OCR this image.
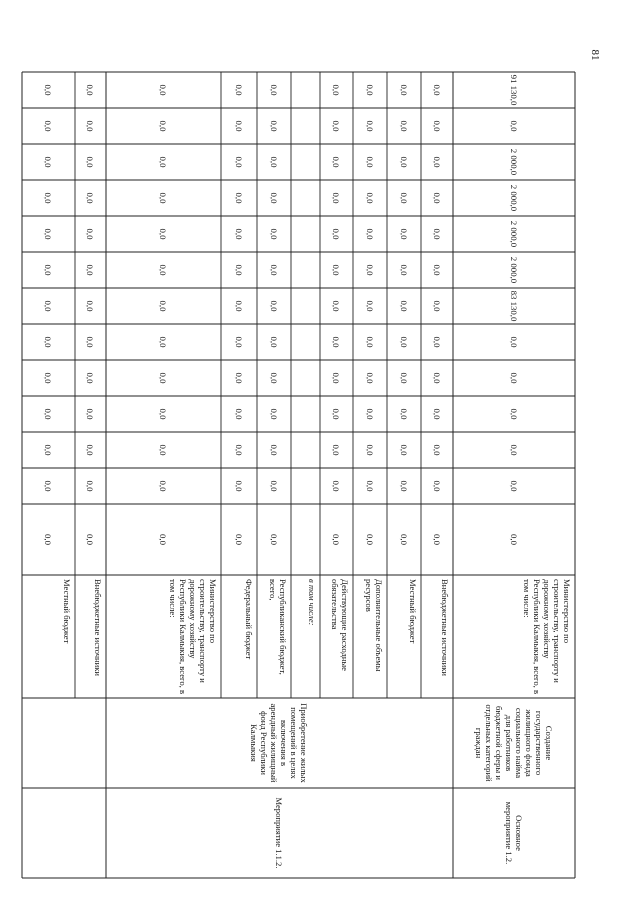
81
0,0
0,0
0,0
0,0
0,0
0,0
0,0
0,0
0,0
0,0
0,0
0,0
0,0
Местный бюджет
0,0
0,0
0,0
0,0
0,0
0,0
0,0
0,0
0,0
0,0
0,0
0,0
0,0
Внебюджетные источники
0,0
0,0
0,0
0,0
0,0
0,0
0,0
0,0
0,0
0,0
0,0
0,0
0,0
Министерство по строительству, транспорту и дорожному хозяйству Республики Калмыкия, всего, в том числе:
0,0
0,0
0,0
0,0
0,0
0,0
0,0
0,0
0,0
0,0
0,0
0,0
0,0
Федеральный бюджет
0,0
0,0
0,0
0,0
0,0
0,0
0,0
0,0
0,0
0,0
0,0
0,0
0,0
Республиканский бюджет, всего,	в том числе:
0,0
0,0
0,0
0,0
0,0
0,0
0,0
0,0
0,0
0,0
0,0
0,0
0,0
Действующие расходные обязательства
0,0
0,0
0,0
0,0
0,0
0,0
0,0
0,0
0,0
0,0
0,0
0,0
0,0
Дополнительные объемы ресурсов
0,0
0,0
0,0
0,0
0,0
0,0
0,0
0,0
0,0
0,0
0,0
0,0
0,0
Местный бюджет
0,0
0,0
0,0
0,0
0,0
0,0
0,0
0,0
0,0
0,0
0,0
0,0
0,0
Внебюджетные источники
91 130,0
0,0
2 000,0
2 000,0
2 000,0
2 000,0
83 130,0
0,0
0,0
0,0
0,0
0,0
0,0
Министерство по строительству, транспорту и дорожному хозяйству Республики Калмыкия, всего, в том числе:
Приобретение жилых помещений в целях включения в арендный жилищный фонд Республики Калмыкия
Мероприятие 1.1.2.
Создание государственного жилищного фонда социального найма для работников бюджетной сферы и отдельных категорий граждан
Основное мероприятие 1.2.
